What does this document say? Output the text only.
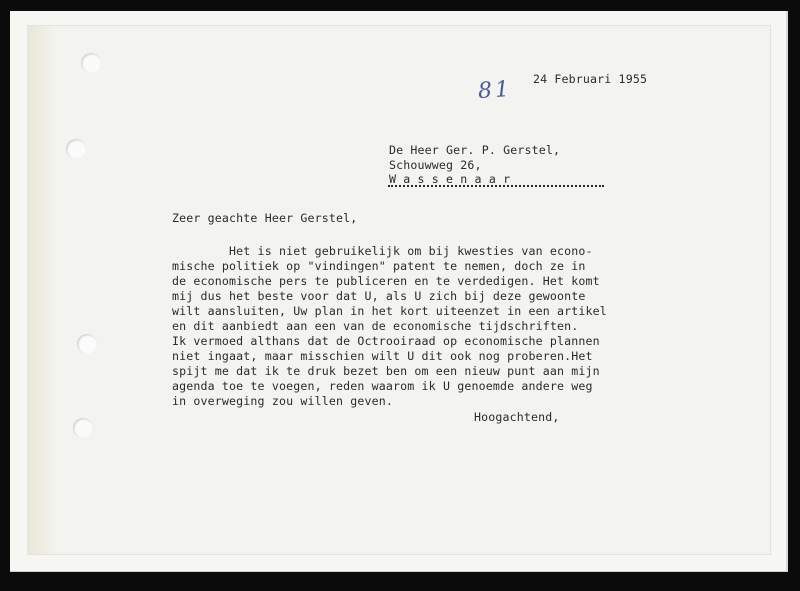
81 24 Februari 1955
De Heer Ger. P. Gerstel,
Schouwweg 26,
W a s s e n a a r
Zeer geachte Heer Gerstel,
Het is niet gebruikelijk om bij kwesties van econo-
mische politiek op "vindingen" patent te nemen, doch ze in
de economische pers te publiceren en te verdedigen. Het komt
mij dus het beste voor dat U, als U zich bij deze gewoonte
wilt aansluiten, Uw plan in het kort uiteenzet in een artikel
en dit aanbiedt aan een van de economische tijdschriften.
Ik vermoed althans dat de Octrooiraad op economische plannen
niet ingaat, maar misschien wilt U dit ook nog proberen.Het
spijt me dat ik te druk bezet ben om een nieuw punt aan mijn
agenda toe te voegen, reden waarom ik U genoemde andere weg
in overweging zou willen geven.
Hoogachtend,
